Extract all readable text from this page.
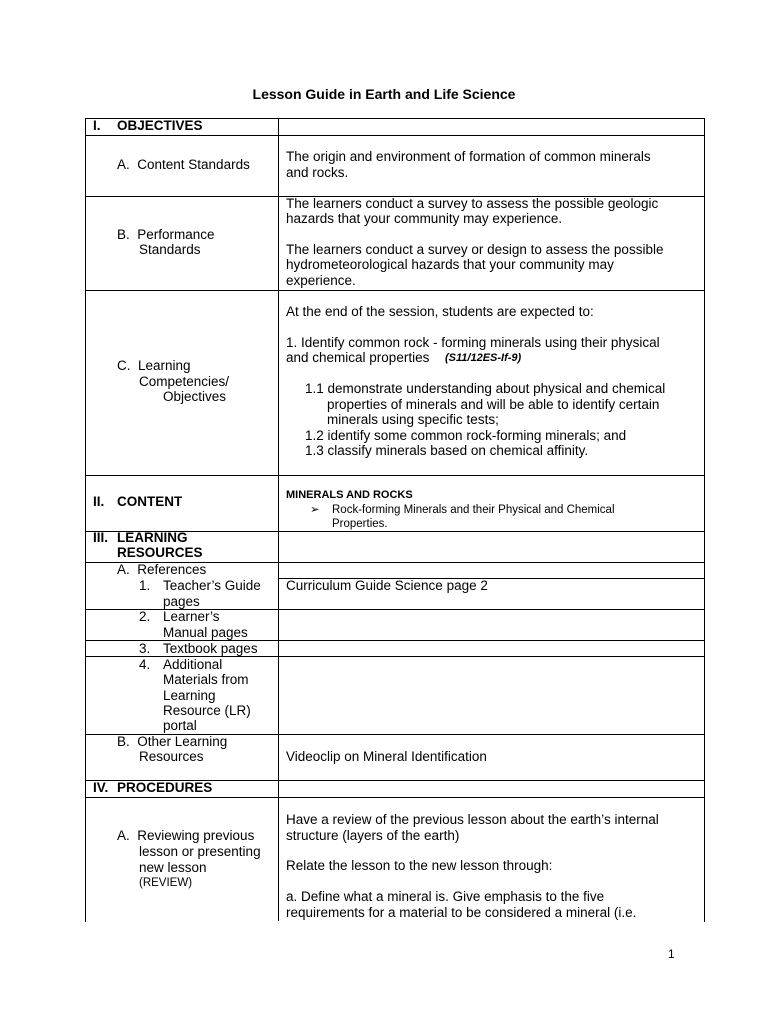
Lesson Guide in Earth and Life Science
I. OBJECTIVES
A.  Content Standards
The origin and environment of formation of common minerals
and rocks.
B.  Performance
Standards
The learners conduct a survey to assess the possible geologic
hazards that your community may experience.
The learners conduct a survey or design to assess the possible
hydrometeorological hazards that your community may
experience.
C.  Learning
Competencies/
Objectives
At the end of the session, students are expected to:
1. Identify common rock - forming minerals using their physical
and chemical properties (S11/12ES-If-9)
1.1 demonstrate understanding about physical and chemical
properties of minerals and will be able to identify certain
minerals using specific tests;
1.2 identify some common rock-forming minerals; and
1.3 classify minerals based on chemical affinity.
II. CONTENT	MINERALS AND ROCKS
➢ Rock-forming Minerals and their Physical and Chemical
Properties.
III. LEARNING
RESOURCES
A.  References
1. Teacher’s Guide
pages
Curriculum Guide Science page 2
2. Learner’s
Manual pages
3. Textbook pages
4. Additional
Materials from
Learning
Resource (LR)
portal
B.  Other Learning
Resources	Videoclip on Mineral Identification
IV. PROCEDURES
A.  Reviewing previous
lesson or presenting
new lesson
(REVIEW)
Have a review of the previous lesson about the earth’s internal
structure (layers of the earth)
Relate the lesson to the new lesson through:
a. Define what a mineral is. Give emphasis to the five
requirements for a material to be considered a mineral (i.e.
1
